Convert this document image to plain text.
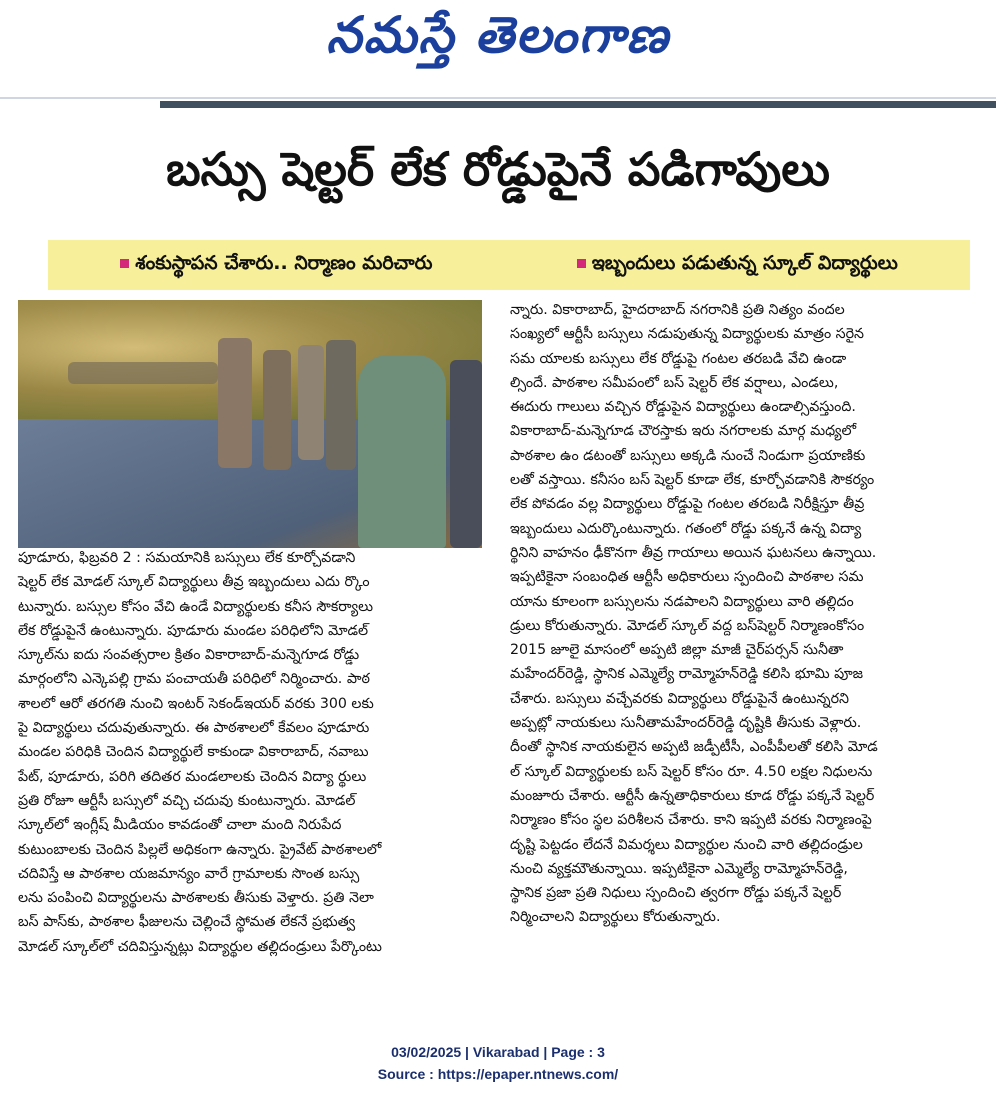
నమస్తే తెలంగాణ
బస్సు షెల్టర్ లేక రోడ్డుపైనే పడిగాపులు
శంకుస్థాపన చేశారు.. నిర్మాణం మరిచారు	ఇబ్బందులు పడుతున్న స్కూల్ విద్యార్థులు

పూడూరు, ఫిబ్రవరి 2 : సమయానికి బస్సులు లేక కూర్చోవడాని

షెల్టర్ లేక మోడల్ స్కూల్ విద్యార్థులు తీవ్ర ఇబ్బందులు ఎదు ర్కొం

టున్నారు. బస్సుల కోసం వేచి ఉండే విద్యార్థులకు కనీస సౌకర్యాలు

లేక రోడ్డుపైనే ఉంటున్నారు. పూడూరు మండల పరిధిలోని మోడల్

స్కూల్‌ను ఐదు సంవత్సరాల క్రితం వికారాబాద్-మన్నెగూడ రోడ్డు

మార్గంలోని ఎన్కెపల్లి గ్రామ పంచాయతీ పరిధిలో నిర్మించారు. పాఠ

శాలలో ఆరో తరగతి నుంచి ఇంటర్ సెకండ్‌ఇయర్ వరకు 300 లకు

పై విద్యార్థులు చదువుతున్నారు. ఈ పాఠశాలలో కేవలం పూడూరు

మండల పరిధికి చెందిన విద్యార్థులే కాకుండా వికారాబాద్, నవాబు

పేట్, పూడూరు, పరిగి తదితర మండలాలకు చెందిన విద్యా ర్థులు

ప్రతి రోజూ ఆర్టీసీ బస్సులో వచ్చి చదువు కుంటున్నారు. మోడల్

స్కూల్‌లో ఇంగ్లీష్ మీడియం కావడంతో చాలా మంది నిరుపేద

కుటుంబాలకు చెందిన పిల్లలే అధికంగా ఉన్నారు. ప్రైవేట్ పాఠశాలలో

చదివిస్తే ఆ పాఠశాల యజమాన్యం వారే గ్రామాలకు సొంత బస్సు

లను పంపించి విద్యార్థులను పాఠశాలకు తీసుకు వెళ్తారు. ప్రతి నెలా

బస్ పాస్‌కు, పాఠశాల ఫీజులను చెల్లించే స్థోమత లేకనే ప్రభుత్వ

మోడల్ స్కూల్‌లో చదివిస్తున్నట్లు విద్యార్థుల తల్లిదండ్రులు పేర్కొంటు

న్నారు. వికారాబాద్, హైదరాబాద్ నగరానికి ప్రతి నిత్యం వందల

సంఖ్యలో ఆర్టీసీ బస్సులు నడుపుతున్న విద్యార్థులకు మాత్రం సరైన

సమ యాలకు బస్సులు లేక రోడ్డుపై గంటల తరబడి వేచి ఉండా

ల్సిందే. పాఠశాల సమీపంలో బస్ షెల్టర్ లేక వర్షాలు, ఎండలు,

ఈదురు గాలులు వచ్చిన రోడ్డుపైన విద్యార్థులు ఉండాల్సివస్తుంది.

వికారాబాద్-మన్నెగూడ చౌరస్తాకు ఇరు నగరాలకు మార్గ మధ్యలో

పాఠశాల ఉం డటంతో బస్సులు అక్కడి నుంచే నిండుగా ప్రయాణికు

లతో వస్తాయి. కనీసం బస్ షెల్టర్ కూడా లేక, కూర్చోవడానికి సౌకర్యం

లేక పోవడం వల్ల విద్యార్థులు రోడ్డుపై గంటల తరబడి నిరీక్షిస్తూ తీవ్ర

ఇబ్బందులు ఎదుర్కొంటున్నారు. గతంలో రోడ్డు పక్కనే ఉన్న విద్యా

ర్థినిని వాహనం ఢీకొనగా తీవ్ర గాయాలు అయిన ఘటనలు ఉన్నాయి.

ఇప్పటికైనా సంబంధిత ఆర్టీసీ అధికారులు స్పందించి పాఠశాల సమ

యాను కూలంగా బస్సులను నడపాలని విద్యార్థులు వారి తల్లిదం

డ్రులు కోరుతున్నారు. మోడల్ స్కూల్ వద్ద బస్‌షెల్టర్ నిర్మాణంకోసం

2015 జూలై మాసంలో అప్పటి జిల్లా మాజీ చైర్‌పర్సన్ సునీతా

మహేందర్‌రెడ్డి, స్థానిక ఎమ్మెల్యే రామ్మోహన్‌రెడ్డి కలిసి భూమి పూజ

చేశారు. బస్సులు వచ్చేవరకు విద్యార్థులు రోడ్డుపైనే ఉంటున్నరని

అప్పట్లో నాయకులు సునీతామహేందర్‌రెడ్డి దృష్టికి తీసుకు వెళ్లారు.

దీంతో స్థానిక నాయకులైన అప్పటి జడ్పీటీసీ, ఎంపీపీలతో కలిసి మోడ

ల్ స్కూల్ విద్యార్థులకు బస్ షెల్టర్ కోసం రూ. 4.50 లక్షల నిధులను

మంజూరు చేశారు. ఆర్టీసీ ఉన్నతాధికారులు కూడ రోడ్డు పక్కనే షెల్టర్

నిర్మాణం కోసం స్థల పరిశీలన చేశారు. కాని ఇప్పటి వరకు నిర్మాణంపై

దృష్టి పెట్టడం లేదనే విమర్శలు విద్యార్థుల నుంచి వారి తల్లిదండ్రుల

నుంచి వ్యక్తమౌతున్నాయి. ఇప్పటికైనా ఎమ్మెల్యే రామ్మోహన్‌రెడ్డి,

స్థానిక ప్రజా ప్రతి నిధులు స్పందించి త్వరగా రోడ్డు పక్కనే షెల్టర్

నిర్మించాలని విద్యార్థులు కోరుతున్నారు.

03/02/2025 | Vikarabad | Page : 3
Source : https://epaper.ntnews.com/
